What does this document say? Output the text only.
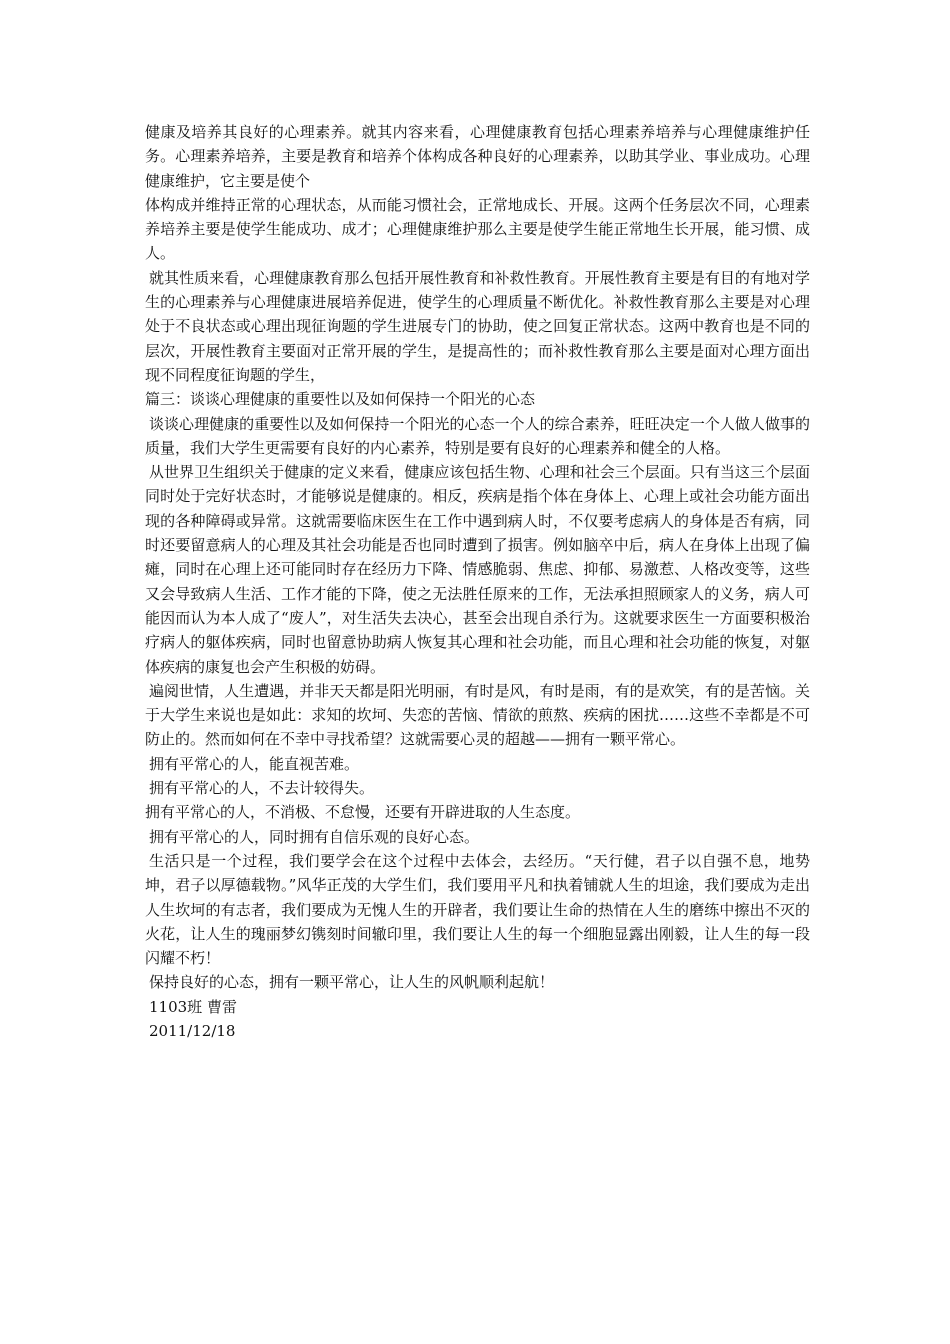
健康及培养其良好的心理素养。就其内容来看，心理健康教育包括心理素养培养与心理健康维护任务。心理素养培养，主要是教育和培养个体构成各种良好的心理素养，以助其学业、事业成功。心理健康维护，它主要是使个

体构成并维持正常的心理状态，从而能习惯社会，正常地成长、开展。这两个任务层次不同，心理素养培养主要是使学生能成功、成才；心理健康维护那么主要是使学生能正常地生长开展，能习惯、成人。

就其性质来看，心理健康教育那么包括开展性教育和补救性教育。开展性教育主要是有目的有地对学生的心理素养与心理健康进展培养促进，使学生的心理质量不断优化。补救性教育那么主要是对心理处于不良状态或心理出现征询题的学生进展专门的协助，使之回复正常状态。这两中教育也是不同的层次，开展性教育主要面对正常开展的学生，是提高性的；而补救性教育那么主要是面对心理方面出现不同程度征询题的学生，

篇三：谈谈心理健康的重要性以及如何保持一个阳光的心态

谈谈心理健康的重要性以及如何保持一个阳光的心态一个人的综合素养，旺旺决定一个人做人做事的质量，我们大学生更需要有良好的内心素养，特别是要有良好的心理素养和健全的人格。

从世界卫生组织关于健康的定义来看，健康应该包括生物、心理和社会三个层面。只有当这三个层面同时处于完好状态时，才能够说是健康的。相反，疾病是指个体在身体上、心理上或社会功能方面出现的各种障碍或异常。这就需要临床医生在工作中遇到病人时，不仅要考虑病人的身体是否有病，同时还要留意病人的心理及其社会功能是否也同时遭到了损害。例如脑卒中后，病人在身体上出现了偏瘫，同时在心理上还可能同时存在经历力下降、情感脆弱、焦虑、抑郁、易激惹、人格改变等，这些又会导致病人生活、工作才能的下降，使之无法胜任原来的工作，无法承担照顾家人的义务，病人可能因而认为本人成了“废人”，对生活失去决心，甚至会出现自杀行为。这就要求医生一方面要积极治疗病人的躯体疾病，同时也留意协助病人恢复其心理和社会功能，而且心理和社会功能的恢复，对躯体疾病的康复也会产生积极的妨碍。

遍阅世情，人生遭遇，并非天天都是阳光明丽，有时是风，有时是雨，有的是欢笑，有的是苦恼。关于大学生来说也是如此：求知的坎坷、失恋的苦恼、情欲的煎熬、疾病的困扰……这些不幸都是不可防止的。然而如何在不幸中寻找希望？这就需要心灵的超越——拥有一颗平常心。

拥有平常心的人，能直视苦难。

拥有平常心的人，不去计较得失。

拥有平常心的人，不消极、不怠慢，还要有开辟进取的人生态度。

拥有平常心的人，同时拥有自信乐观的良好心态。

生活只是一个过程，我们要学会在这个过程中去体会，去经历。“天行健，君子以自强不息，地势坤，君子以厚德载物。”风华正茂的大学生们，我们要用平凡和执着铺就人生的坦途，我们要成为走出人生坎坷的有志者，我们要成为无愧人生的开辟者，我们要让生命的热情在人生的磨练中擦出不灭的火花，让人生的瑰丽梦幻镌刻时间辙印里，我们要让人生的每一个细胞显露出刚毅，让人生的每一段闪耀不朽！

保持良好的心态，拥有一颗平常心，让人生的风帆顺利起航！

1103班 曹雷

2011/12/18
